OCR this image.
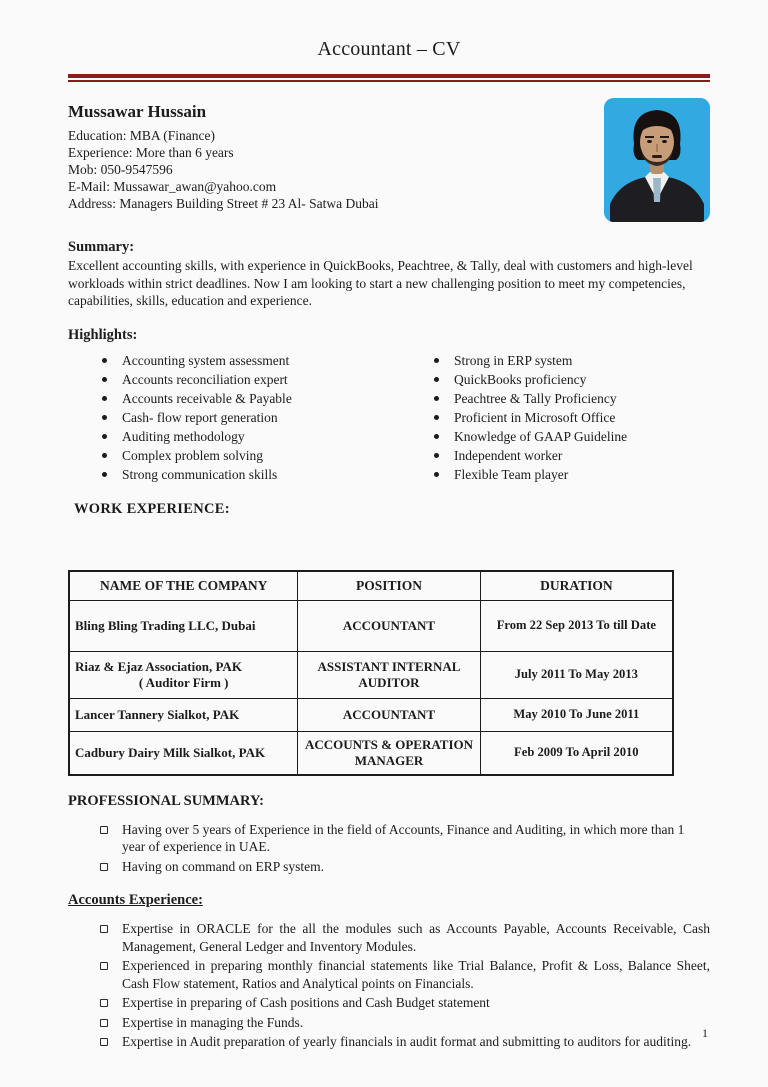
Accountant – CV
Mussawar Hussain
Education: MBA (Finance)
Experience: More than 6 years
Mob: 050-9547596
E-Mail: Mussawar_awan@yahoo.com
Address: Managers Building Street # 23 Al- Satwa Dubai
Summary:

Excellent accounting skills, with experience in QuickBooks, Peachtree, & Tally, deal with customers and high-level workloads within strict deadlines. Now I am looking to start a new challenging position to meet my competencies, capabilities, skills, education and experience.

Highlights:
Accounting system assessment
Accounts reconciliation expert
Accounts receivable & Payable
Cash- flow report generation
Auditing methodology
Complex problem solving
Strong communication skills
Strong in ERP system
QuickBooks proficiency
Peachtree & Tally Proficiency
Proficient in Microsoft Office
Knowledge of GAAP Guideline
Independent worker
Flexible Team player
WORK EXPERIENCE:
NAME OF THE COMPANY	POSITION	DURATION

Bling Bling Trading LLC, Dubai	ACCOUNTANT	From 22 Sep 2013 To till Date

Riaz & Ejaz Association, PAK
( Auditor Firm )	ASSISTANT INTERNAL AUDITOR	July 2011 To May 2013

Lancer Tannery Sialkot, PAK	ACCOUNTANT	May 2010 To June 2011

Cadbury Dairy Milk Sialkot, PAK	ACCOUNTS & OPERATION MANAGER	Feb 2009 To April 2010
PROFESSIONAL SUMMARY:
Having over 5 years of Experience in the field of Accounts, Finance and Auditing, in which more than 1 year of experience in UAE.
Having on command on ERP system.
Accounts Experience:
Expertise in ORACLE for the all the modules such as Accounts Payable, Accounts Receivable, Cash Management, General Ledger and Inventory Modules.
Experienced in preparing monthly financial statements like Trial Balance, Profit & Loss, Balance Sheet, Cash Flow statement, Ratios and Analytical points on Financials.
Expertise in preparing of Cash positions and Cash Budget statement
Expertise in managing the Funds.
Expertise in Audit preparation of yearly financials in audit format and submitting to auditors for auditing.
1
